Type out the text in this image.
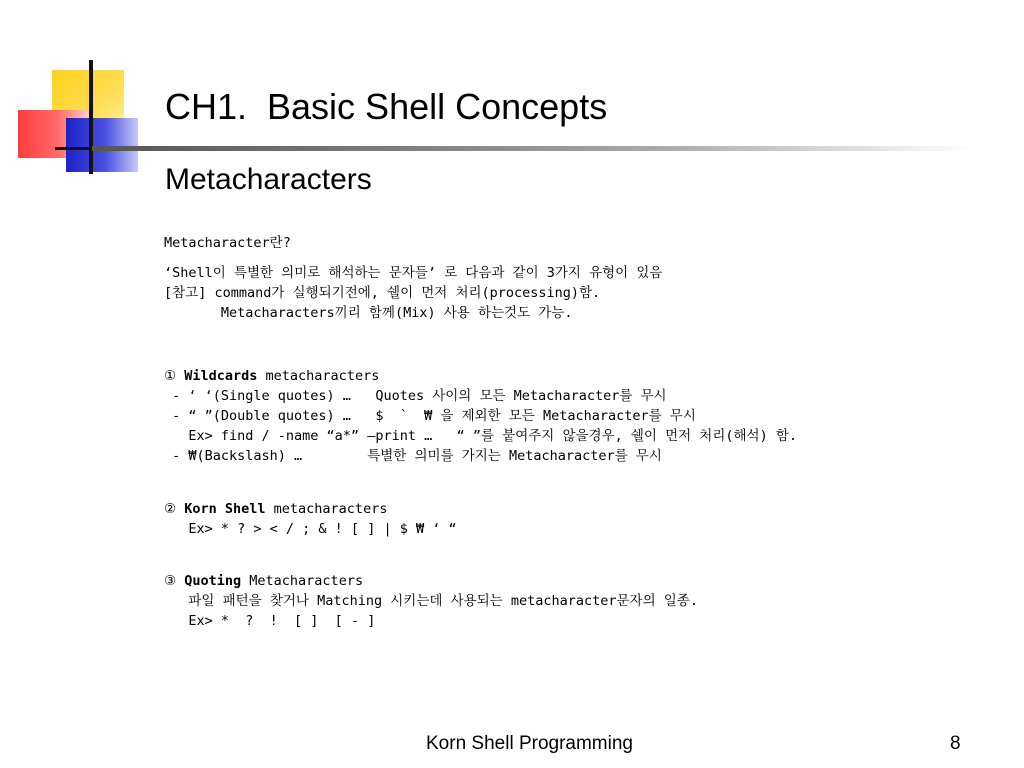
CH1.  Basic Shell Concepts
Metacharacters
Metacharacter란?
‘Shell이 특별한 의미로 해석하는 문자들’ 로 다음과 같이 3가지 유형이 있음
[참고] command가 실행되기전에, 쉘이 먼저 처리(processing)함.
Metacharacters끼리 함께(Mix) 사용 하는것도 가능.
① Wildcards metacharacters
- ‘ ‘(Single quotes) …   Quotes 사이의 모든 Metacharacter를 무시
- “ ”(Double quotes) …   $  `  ₩ 을 제외한 모든 Metacharacter를 무시
Ex> find / -name “a*” –print …   “ ”를 붙여주지 않을경우, 쉘이 먼저 처리(해석) 함.
- ₩(Backslash) …        특별한 의미를 가지는 Metacharacter를 무시
② Korn Shell metacharacters
Ex> * ? > < / ; & ! [ ] | $ ₩ ‘ “
③ Quoting Metacharacters
파일 패턴을 찾거나 Matching 시키는데 사용되는 metacharacter문자의 일종.
Ex> *  ?  !  [ ]  [ - ]
Korn Shell Programming	8
